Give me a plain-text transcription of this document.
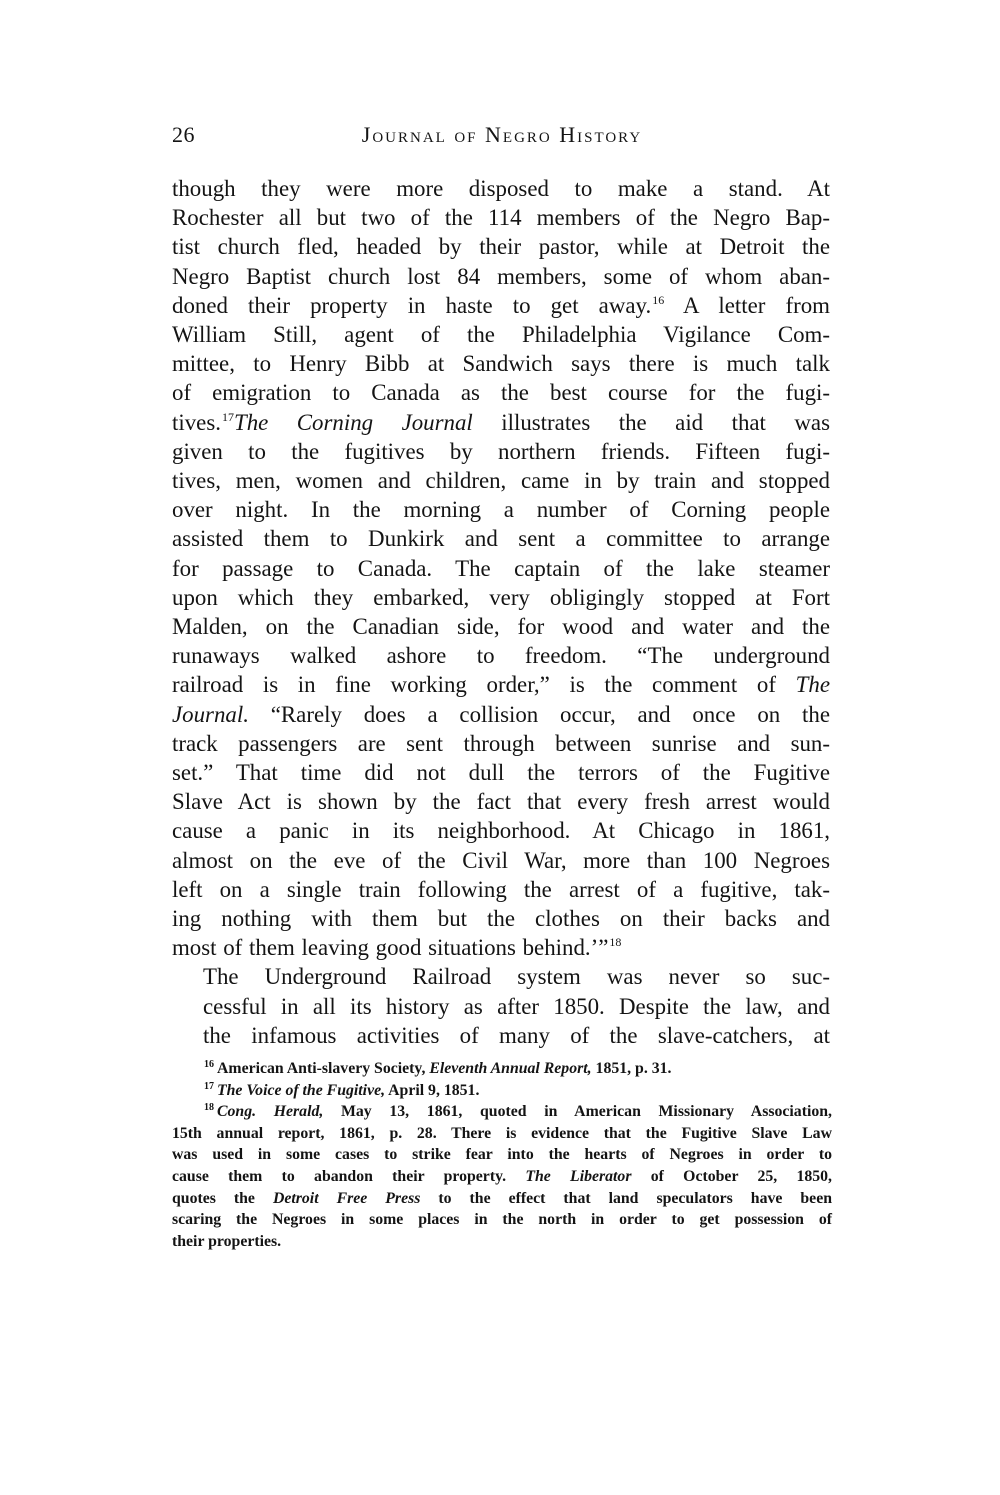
26	Journal of Negro History

though they were more disposed to make a stand. At
Rochester all but two of the 114 members of the Negro Bap-
tist church fled, headed by their pastor, while at Detroit the
Negro Baptist church lost 84 members, some of whom aban-
doned their property in haste to get away.$^{16}$ A letter from
William Still, agent of the Philadelphia Vigilance Com-
mittee, to Henry Bibb at Sandwich says there is much talk
of emigration to Canada as the best course for the fugi-
tives.$^{17}$The Corning Journal illustrates the aid that was
given to the fugitives by northern friends. Fifteen fugi-
tives, men, women and children, came in by train and stopped
over night. In the morning a number of Corning people
assisted them to Dunkirk and sent a committee to arrange
for passage to Canada. The captain of the lake steamer
upon which they embarked, very obligingly stopped at Fort
Malden, on the Canadian side, for wood and water and the
runaways walked ashore to freedom. “The underground
railroad is in fine working order,” is the comment of The
Journal. “Rarely does a collision occur, and once on the
track passengers are sent through between sunrise and sun-
set.” That time did not dull the terrors of the Fugitive
Slave Act is shown by the fact that every fresh arrest would
cause a panic in its neighborhood. At Chicago in 1861,
almost on the eve of the Civil War, more than 100 Negroes
left on a single train following the arrest of a fugitive, tak-
ing nothing with them but the clothes on their backs and
most of them leaving good situations behind.’”$^{18}$

The Underground Railroad system was never so suc-
cessful in all its history as after 1850. Despite the law, and
the infamous activities of many of the slave-catchers, at

$^{16}$ American Anti-slavery Society, Eleventh Annual Report, 1851, p. 31.
$^{17}$ The Voice of the Fugitive, April 9, 1851.
$^{18}$ Cong. Herald, May 13, 1861, quoted in American Missionary Association,
15th annual report, 1861, p. 28. There is evidence that the Fugitive Slave Law
was used in some cases to strike fear into the hearts of Negroes in order to
cause them to abandon their property. The Liberator of October 25, 1850,
quotes the Detroit Free Press to the effect that land speculators have been
scaring the Negroes in some places in the north in order to get possession of
their properties.
